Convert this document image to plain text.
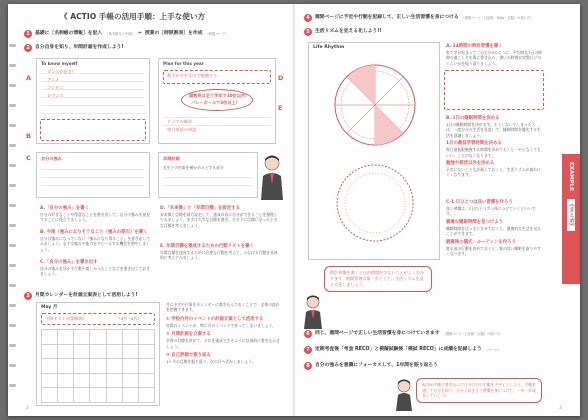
《 ACTIO 手帳の活用手順：上手な使い方
1	基礎に［名刺帳の情報］を記入 （基本描走の中期） ➡ 授業の［時限割表］を作成 （時限ページ）
2	自分自身を知り、年間計画を作成しよう!
To know myself
ダンスが好き!
アニメ
コンビニ
ロマンス
Plan for this year
数学が苦手なので勉強する
国数英は全て学年で10位以内!
バレーボールで3位以上!
ドラマの制作
毎日英語の単語
A
B
D
E
自分の強み
C	年間計画
先生との約束を確かめるとする部分
A.「自分の強み」を書く
自分の好きなことや得意なことを書き出して、自分の強みを発見することに役立てましょう。
B. 今後（強みになりそうなこと（強みの原石）を書く
自分は強みになっていない「強みになり得ること」を書き出してみましょう。まずは強みや能力をアピールする機会を増やしましょう。
C.「自分の強み」を書き出す
自分の強みを活かす行動や楽しかったことなどを書き出しておきましょう。
D.「未来像」と「年間目標」を設定する
未来像と目標を両方設定して、達成の為に自分ができることを整理してみましょう。まずは大きな目標を書き、その下に目標に沿った小さな目標を考えましょう。
E. 年間目標を達成するための行動リストを書く
年間目標を達成するために必要な行動を考えて、つなげる行動を具体的に考えてみましょう。
3	月間カレンダーを計画立案表として活用しよう!
May 月
中間テスト対策期間!	（3月・4月）
月に予定や行事をカレンダーに書き込んでおくことで、全体の流れを把握できます。
① 学校内外のイベントの計画立案として活用する
年間のイベントが、特に月のイベントで作ってしまいましょう。
② 月間計画を立案する
学習の目標を決めて、それを達成できるように計画的に書き込みましょう。
③ 自己評価で振り返る
1ヶ月の目標を振り返り、次の月へ活かしましょう。
2
4	週間ページに予定や行動を記録して、正しい生活習慣を身につける （週間ページ（日記帳・ToDo・記録）の使い方）
5	生活リズムを見える化しよう!!
Life Rhythm	A. 24時間の時計習慣を書く
家で学が始まってご自宅の3のように、平均的な1日の時間の過ごし方を図に書き込み、書いた時間が実際にどのくらいかを振り返りましょう。
B. 1日の睡眠時間を決める
1日の睡眠時間を決めます。そうしないでしまった人は、一度自分の生活を見直して、睡眠時間を優先する生活を意識しましょう。
1日の最低学習時間を決める
毎日最低限勉強する時間を決めておくと「やらなくてもいい」ことがなくなります。
勉強や部活以外を決める
予定にないことも計画しておくと、生活リズムが崩れにくくなります。
C-1 日ひとつは良い習慣を作ろう
良い習慣は、1日ひとつずつ身につけていくといいです。
最適な睡眠時間を見つけよう
睡眠時間をはっきりさせておくと、健康的な生活を送ることができます。
就寝後の儀式・ルーティンを作ろう
寝る前の行動を決めておくと、質の良い睡眠を取りやすくなります。
時計習慣を書くと自由時間が少ないことがよくわかります。時間管理の第一歩として、生活リズムを見える化しましょう。
6	同じ、週間ページで正しい生活習慣を身につけていきます （週間ページ（日記帳・記録）の使い方）
7	定期考査後「考査 RECO」と模擬試験後「模試 RECO」に成績を記録しよう （ページ）
8	自分の強みを意識にフォーカスして、1年間を振り返ろう
ACTIO手帳に書き込んで自分だけの手帳をデザインしよう。手帳を通して自分を知り、自分と向き合う習慣を身につけて、一歩一歩成長していこう!
3
EXAMPLE
《まとめ》
